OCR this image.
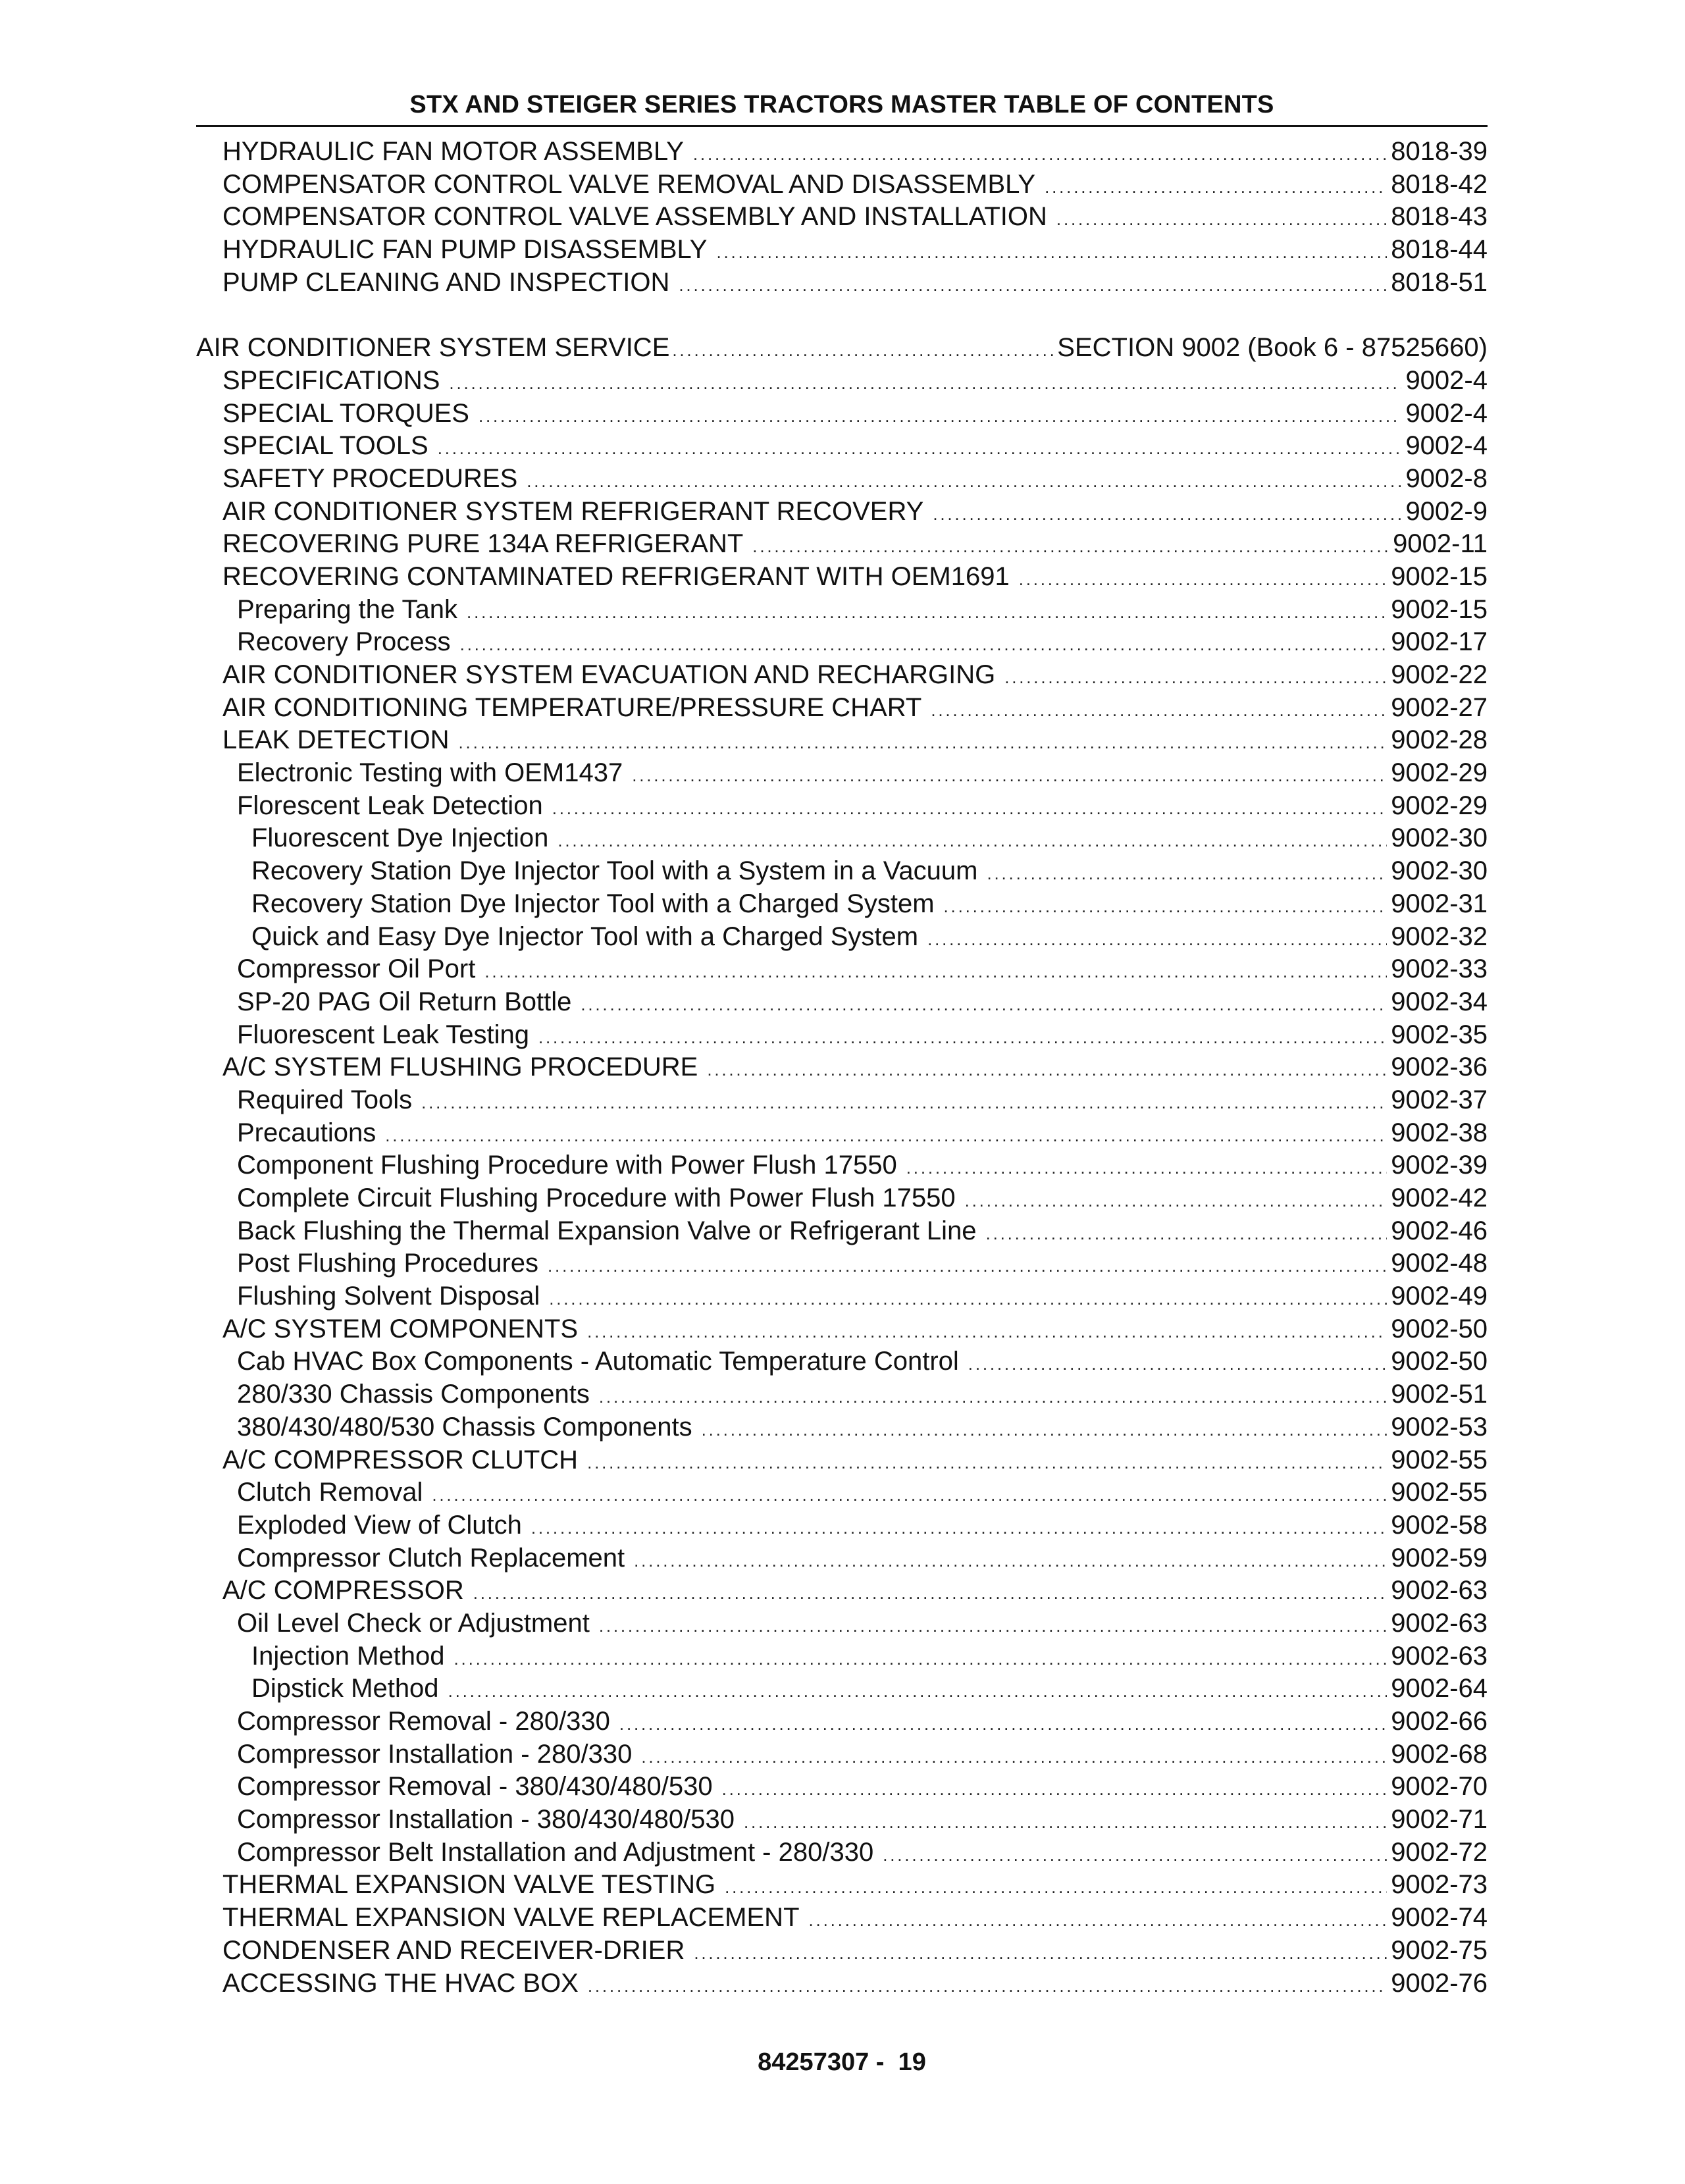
STX AND STEIGER SERIES TRACTORS MASTER TABLE OF CONTENTS
HYDRAULIC FAN MOTOR ASSEMBLY .....	8018-39
COMPENSATOR CONTROL VALVE REMOVAL AND DISASSEMBLY .....	8018-42
COMPENSATOR CONTROL VALVE ASSEMBLY AND INSTALLATION .....	8018-43
HYDRAULIC FAN PUMP DISASSEMBLY .....	8018-44
PUMP CLEANING AND INSPECTION .....	8018-51
AIR CONDITIONER SYSTEM SERVICE .....	SECTION 9002 (Book 6 - 87525660)
SPECIFICATIONS .....	9002-4
SPECIAL TORQUES .....	9002-4
SPECIAL TOOLS .....	9002-4
SAFETY PROCEDURES .....	9002-8
AIR CONDITIONER SYSTEM REFRIGERANT RECOVERY .....	9002-9
RECOVERING PURE 134A REFRIGERANT .....	9002-11
RECOVERING CONTAMINATED REFRIGERANT WITH OEM1691 .....	9002-15
Preparing the Tank .....	9002-15
Recovery Process .....	9002-17
AIR CONDITIONER SYSTEM EVACUATION AND RECHARGING .....	9002-22
AIR CONDITIONING TEMPERATURE/PRESSURE CHART .....	9002-27
LEAK DETECTION .....	9002-28
Electronic Testing with OEM1437 .....	9002-29
Florescent Leak Detection .....	9002-29
Fluorescent Dye Injection .....	9002-30
Recovery Station Dye Injector Tool with a System in a Vacuum .....	9002-30
Recovery Station Dye Injector Tool with a Charged System .....	9002-31
Quick and Easy Dye Injector Tool with a Charged System .....	9002-32
Compressor Oil Port .....	9002-33
SP-20 PAG Oil Return Bottle .....	9002-34
Fluorescent Leak Testing .....	9002-35
A/C SYSTEM FLUSHING PROCEDURE .....	9002-36
Required Tools .....	9002-37
Precautions .....	9002-38
Component Flushing Procedure with Power Flush 17550 .....	9002-39
Complete Circuit Flushing Procedure with Power Flush 17550 .....	9002-42
Back Flushing the Thermal Expansion Valve or Refrigerant Line .....	9002-46
Post Flushing Procedures .....	9002-48
Flushing Solvent Disposal .....	9002-49
A/C SYSTEM COMPONENTS .....	9002-50
Cab HVAC Box Components - Automatic Temperature Control .....	9002-50
280/330 Chassis Components .....	9002-51
380/430/480/530 Chassis Components .....	9002-53
A/C COMPRESSOR CLUTCH .....	9002-55
Clutch Removal .....	9002-55
Exploded View of Clutch .....	9002-58
Compressor Clutch Replacement .....	9002-59
A/C COMPRESSOR .....	9002-63
Oil Level Check or Adjustment .....	9002-63
Injection Method .....	9002-63
Dipstick Method .....	9002-64
Compressor Removal - 280/330 .....	9002-66
Compressor Installation - 280/330 .....	9002-68
Compressor Removal - 380/430/480/530 .....	9002-70
Compressor Installation - 380/430/480/530 .....	9002-71
Compressor Belt Installation and Adjustment - 280/330 .....	9002-72
THERMAL EXPANSION VALVE TESTING .....	9002-73
THERMAL EXPANSION VALVE REPLACEMENT .....	9002-74
CONDENSER AND RECEIVER-DRIER .....	9002-75
ACCESSING THE HVAC BOX .....	9002-76
84257307 -  19
